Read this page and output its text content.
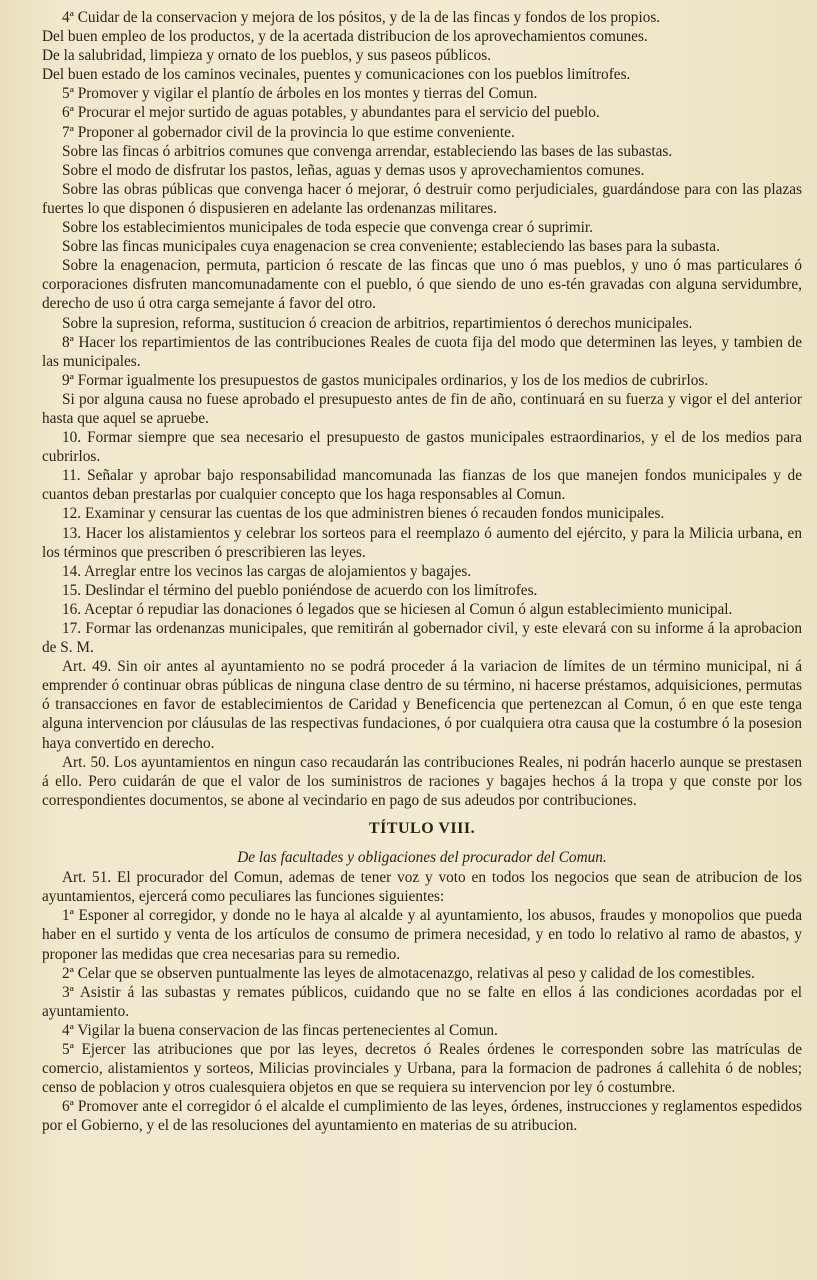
4ª Cuidar de la conservacion y mejora de los pósitos, y de la de las fincas y fondos de los propios.

Del buen empleo de los productos, y de la acertada distribucion de los aprovechamientos comunes.

De la salubridad, limpieza y ornato de los pueblos, y sus paseos públicos.

Del buen estado de los caminos vecinales, puentes y comunicaciones con los pueblos limítrofes.

5ª Promover y vigilar el plantío de árboles en los montes y tierras del Comun.

6ª Procurar el mejor surtido de aguas potables, y abundantes para el servicio del pueblo.

7ª Proponer al gobernador civil de la provincia lo que estime conveniente.

Sobre las fincas ó arbitrios comunes que convenga arrendar, estableciendo las bases de las subastas.

Sobre el modo de disfrutar los pastos, leñas, aguas y demas usos y aprovechamientos comunes.

Sobre las obras públicas que convenga hacer ó mejorar, ó destruir como perjudiciales, guardándose para con las plazas fuertes lo que disponen ó dispusieren en adelante las ordenanzas militares.

Sobre los establecimientos municipales de toda especie que convenga crear ó suprimir.

Sobre las fincas municipales cuya enagenacion se crea conveniente; estableciendo las bases para la subasta.

Sobre la enagenacion, permuta, particion ó rescate de las fincas que uno ó mas pueblos, y uno ó mas particulares ó corporaciones disfruten mancomunadamente con el pueblo, ó que siendo de uno es-tén gravadas con alguna servidumbre, derecho de uso ú otra carga semejante á favor del otro.

Sobre la supresion, reforma, sustitucion ó creacion de arbitrios, repartimientos ó derechos municipales.

8ª Hacer los repartimientos de las contribuciones Reales de cuota fija del modo que determinen las leyes, y tambien de las municipales.

9ª Formar igualmente los presupuestos de gastos municipales ordinarios, y los de los medios de cubrirlos.

Si por alguna causa no fuese aprobado el presupuesto antes de fin de año, continuará en su fuerza y vigor el del anterior hasta que aquel se apruebe.

10. Formar siempre que sea necesario el presupuesto de gastos municipales estraordinarios, y el de los medios para cubrirlos.

11. Señalar y aprobar bajo responsabilidad mancomunada las fianzas de los que manejen fondos municipales y de cuantos deban prestarlas por cualquier concepto que los haga responsables al Comun.

12. Examinar y censurar las cuentas de los que administren bienes ó recauden fondos municipales.

13. Hacer los alistamientos y celebrar los sorteos para el reemplazo ó aumento del ejército, y para la Milicia urbana, en los términos que prescriben ó prescribieren las leyes.

14. Arreglar entre los vecinos las cargas de alojamientos y bagajes.

15. Deslindar el término del pueblo poniéndose de acuerdo con los limítrofes.

16. Aceptar ó repudiar las donaciones ó legados que se hiciesen al Comun ó algun establecimiento municipal.

17. Formar las ordenanzas municipales, que remitirán al gobernador civil, y este elevará con su informe á la aprobacion de S. M.

Art. 49. Sin oir antes al ayuntamiento no se podrá proceder á la variacion de límites de un término municipal, ni á emprender ó continuar obras públicas de ninguna clase dentro de su término, ni hacerse préstamos, adquisiciones, permutas ó transacciones en favor de establecimientos de Caridad y Beneficencia que pertenezcan al Comun, ó en que este tenga alguna intervencion por cláusulas de las respectivas fundaciones, ó por cualquiera otra causa que la costumbre ó la posesion haya convertido en derecho.

Art. 50. Los ayuntamientos en ningun caso recaudarán las contribuciones Reales, ni podrán hacerlo aunque se prestasen á ello. Pero cuidarán de que el valor de los suministros de raciones y bagajes hechos á la tropa y que conste por los correspondientes documentos, se abone al vecindario en pago de sus adeudos por contribuciones.

TÍTULO VIII.
De las facultades y obligaciones del procurador del Comun.

Art. 51. El procurador del Comun, ademas de tener voz y voto en todos los negocios que sean de atribucion de los ayuntamientos, ejercerá como peculiares las funciones siguientes:

1ª Esponer al corregidor, y donde no le haya al alcalde y al ayuntamiento, los abusos, fraudes y monopolios que pueda haber en el surtido y venta de los artículos de consumo de primera necesidad, y en todo lo relativo al ramo de abastos, y proponer las medidas que crea necesarias para su remedio.

2ª Celar que se observen puntualmente las leyes de almotacenazgo, relativas al peso y calidad de los comestibles.

3ª Asistir á las subastas y remates públicos, cuidando que no se falte en ellos á las condiciones acordadas por el ayuntamiento.

4ª Vigilar la buena conservacion de las fincas pertenecientes al Comun.

5ª Ejercer las atribuciones que por las leyes, decretos ó Reales órdenes le corresponden sobre las matrículas de comercio, alistamientos y sorteos, Milicias provinciales y Urbana, para la formacion de padrones á callehita ó de nobles; censo de poblacion y otros cualesquiera objetos en que se requiera su intervencion por ley ó costumbre.

6ª Promover ante el corregidor ó el alcalde el cumplimiento de las leyes, órdenes, instrucciones y reglamentos espedidos por el Gobierno, y el de las resoluciones del ayuntamiento en materias de su atribucion.
